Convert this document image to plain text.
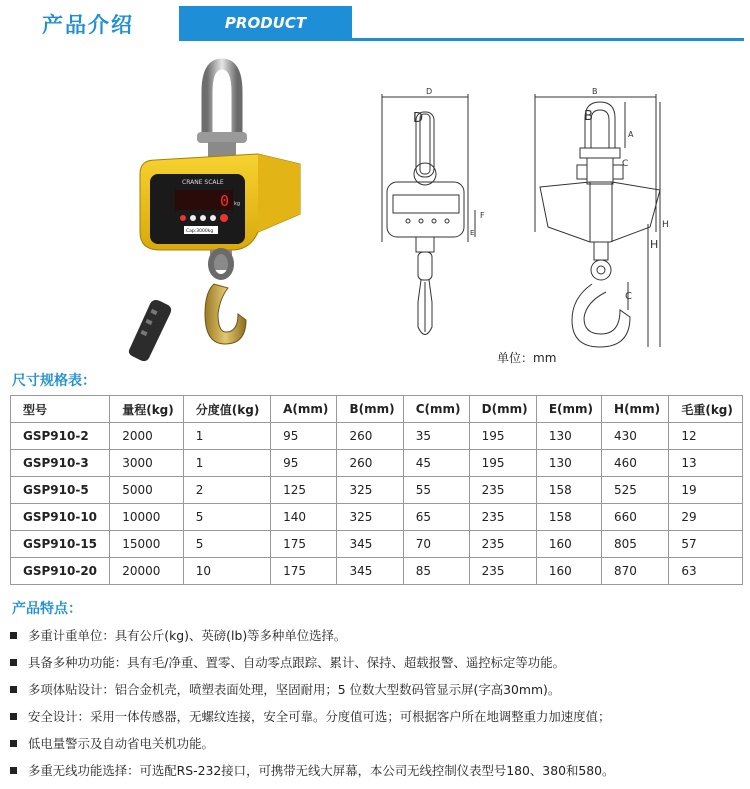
产品介绍	PRODUCT DESCRIPTION
CRANE SCALE
0 kg
Cap:3000kg
D
D
F
E
B
B
A
C
C
H
H
单位：mm
尺寸规格表：
型号	量程(kg)	分度值(kg)	A(mm)	B(mm)	C(mm)	D(mm)	E(mm)	H(mm)	毛重(kg)
GSP910-2	2000	1	95	260	35	195	130	430	12
GSP910-3	3000	1	95	260	45	195	130	460	13
GSP910-5	5000	2	125	325	55	235	158	525	19
GSP910-10	10000	5	140	325	65	235	158	660	29
GSP910-15	15000	5	175	345	70	235	160	805	57
GSP910-20	20000	10	175	345	85	235	160	870	63
产品特点：
多重计重单位：具有公斤(kg)、英磅(lb)等多种单位选择。
具备多种功功能：具有毛/净重、置零、自动零点跟踪、累计、保持、超载报警、遥控标定等功能。
多项体贴设计：铝合金机壳，喷塑表面处理，坚固耐用；5 位数大型数码管显示屏(字高30mm)。
安全设计：采用一体传感器，无螺纹连接，安全可靠。分度值可选；可根据客户所在地调整重力加速度值；
低电量警示及自动省电关机功能。
多重无线功能选择：可选配RS-232接口，可携带无线大屏幕，本公司无线控制仪表型号180、380和580。
